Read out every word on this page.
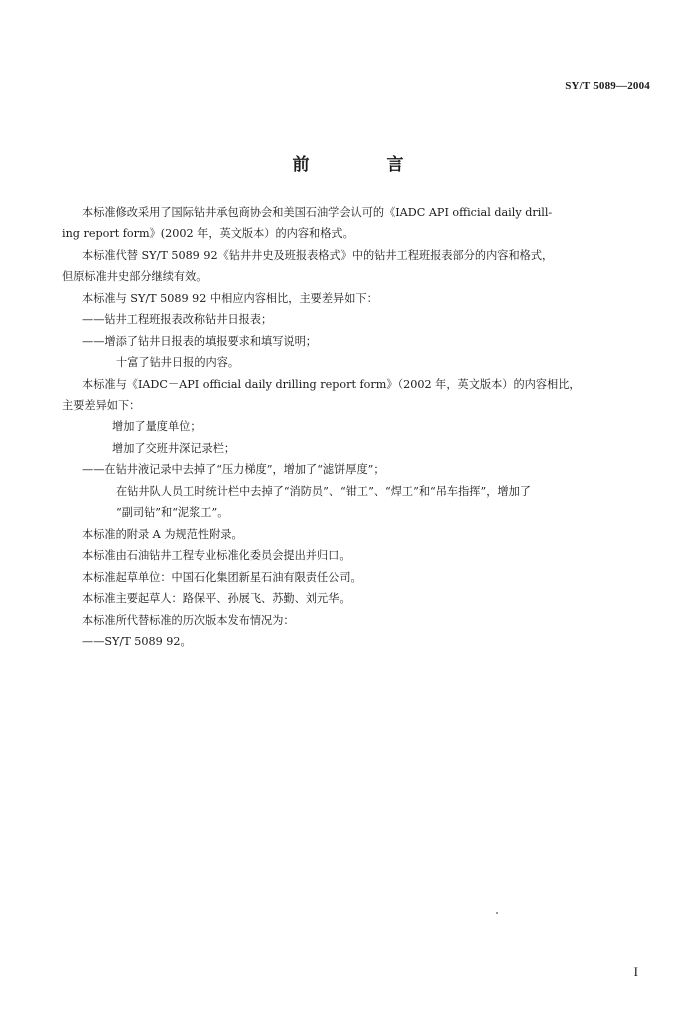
SY/T 5089—2004
前　言
本标准修改采用了国际钻井承包商协会和美国石油学会认可的《IADC API official daily drill-
ing report form》(2002 年，英文版本）的内容和格式。
本标准代替 SY/T 5089 92《钻井井史及班报表格式》中的钻井工程班报表部分的内容和格式，
但原标准井史部分继续有效。
本标准与 SY/T 5089 92 中相应内容相比，主要差异如下：
——钻井工程班报表改称钻井日报表；
——增添了钻井日报表的填报要求和填写说明；
十富了钻井日报的内容。
本标准与《IADC－API official daily drilling report form》（2002 年，英文版本）的内容相比，
主要差异如下：
增加了量度单位；
增加了交班井深记录栏；
——在钻井液记录中去掉了“压力梯度”，增加了“滤饼厚度”；
在钻井队人员工时统计栏中去掉了“消防员”、“钳工”、“焊工”和“吊车指挥”，增加了
“副司钻”和“泥浆工”。
本标准的附录 A 为规范性附录。
本标准由石油钻井工程专业标准化委员会提出并归口。
本标准起草单位：中国石化集团新星石油有限责任公司。
本标准主要起草人：路保平、孙展飞、苏勤、刘元华。
本标准所代替标准的历次版本发布情况为：
——SY/T 5089 92。
I
